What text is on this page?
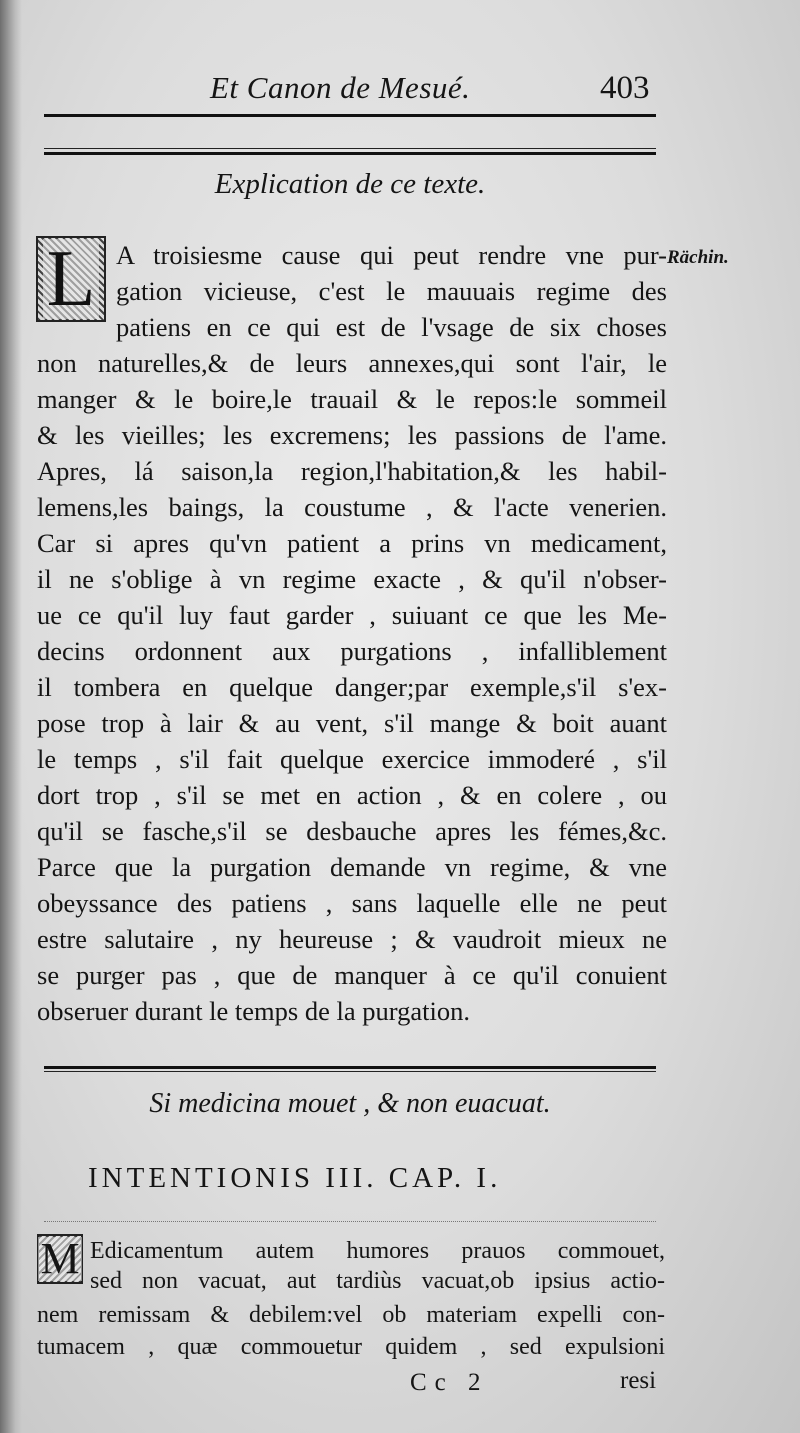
Et Canon de Mesué.	403
Explication de ce texte.
Rächin.
L A troisiesme cause qui peut rendre vne pur-
gation vicieuse, c'est le mauuais regime des
patiens en ce qui est de l'vsage de six choses
non naturelles,& de leurs annexes,qui sont l'air, le
manger & le boire,le trauail & le repos:le sommeil
& les vieilles; les excremens; les passions de l'ame.
Apres, lá saison,la region,l'habitation,& les habil-
lemens,les baings, la coustume , & l'acte venerien.
Car si apres qu'vn patient a prins vn medicament,
il ne s'oblige à vn regime exacte , & qu'il n'obser-
ue ce qu'il luy faut garder , suiuant ce que les Me-
decins ordonnent aux purgations , infalliblement
il tombera en quelque danger;par exemple,s'il s'ex-
pose trop à lair & au vent, s'il mange & boit auant
le temps , s'il fait quelque exercice immoderé , s'il
dort trop , s'il se met en action , & en colere , ou
qu'il se fasche,s'il se desbauche apres les fémes,&c.
Parce que la purgation demande vn regime, & vne
obeyssance des patiens , sans laquelle elle ne peut
estre salutaire , ny heureuse ; & vaudroit mieux ne
se purger pas , que de manquer à ce qu'il conuient
obseruer durant le temps de la purgation.
Si medicina mouet , & non euacuat.
INTENTIONIS III. CAP. I.
M Edicamentum autem humores prauos commouet,
sed non vacuat, aut tardiùs vacuat,ob ipsius actio-
nem remissam & debilem:vel ob materiam expelli con-
tumacem , quæ commouetur quidem , sed expulsioni
Cc 2	resi
